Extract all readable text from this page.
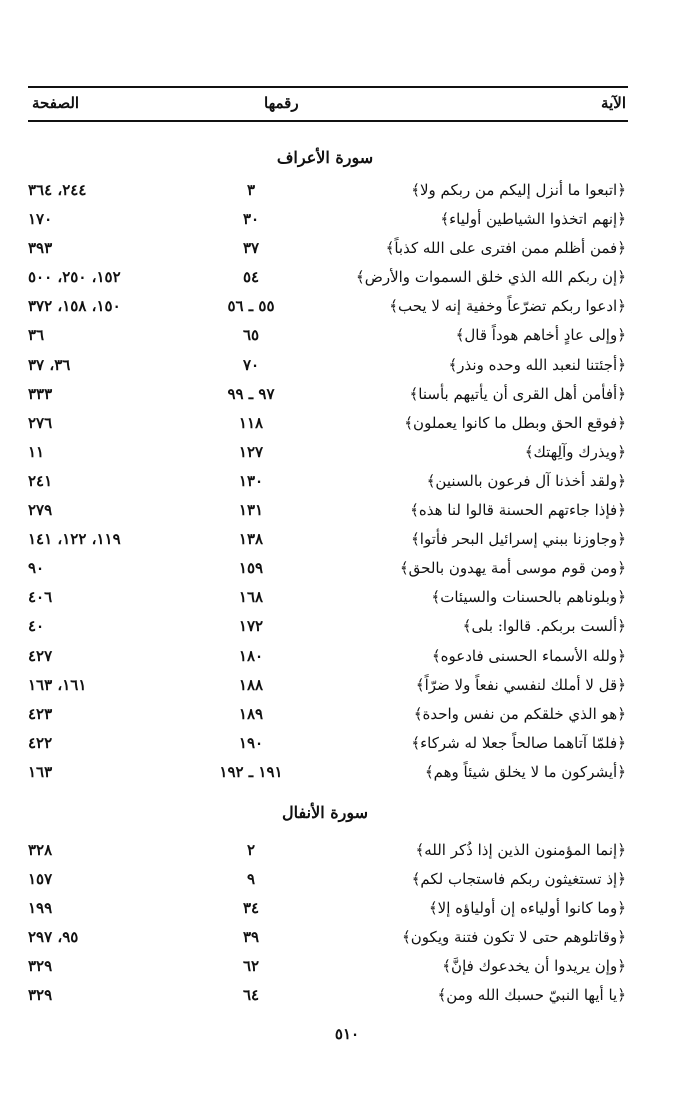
الآية
رقمها
الصفحة
سورة الأعراف
﴿اتبعوا ما أنزل إليكم من ربكم ولا﴾
٣
٢٤٤، ٣٦٤
﴿إنهم اتخذوا الشياطين أولياء﴾
٣٠
١٧٠
﴿فمن أظلم ممن افترى على الله كذباً﴾
٣٧
٣٩٣
﴿إن ربكم الله الذي خلق السموات والأرض﴾
٥٤
١٥٢، ٢٥٠، ٥٠٠
﴿ادعوا ربكم تضرّعاً وخفية إنه لا يحب﴾
٥٥ ـ ٥٦
١٥٠، ١٥٨، ٣٧٢
﴿وإلى عادٍ أخاهم هوداً قال﴾
٦٥
٣٦
﴿أجئتنا لنعبد الله وحده ونذر﴾
٧٠
٣٦، ٣٧
﴿أفأمن أهل القرى أن يأتيهم بأسنا﴾
٩٧ ـ ٩٩
٣٣٣
﴿فوقع الحق وبطل ما كانوا يعملون﴾
١١٨
٢٧٦
﴿ويذرك وآلِهتك﴾
١٢٧
١١
﴿ولقد أخذنا آل فرعون بالسنين﴾
١٣٠
٢٤١
﴿فإذا جاءتهم الحسنة قالوا لنا هذه﴾
١٣١
٢٧٩
﴿وجاوزنا ببني إسرائيل البحر فأتوا﴾
١٣٨
١١٩، ١٢٢، ١٤١
﴿ومن قوم موسى أمة يهدون بالحق﴾
١٥٩
٩٠
﴿وبلوناهم بالحسنات والسيئات﴾
١٦٨
٤٠٦
﴿ألست بربكم. قالوا: بلى﴾
١٧٢
٤٠
﴿ولله الأسماء الحسنى فادعوه﴾
١٨٠
٤٢٧
﴿قل لا أملك لنفسي نفعاً ولا ضرّاً﴾
١٨٨
١٦١، ١٦٣
﴿هو الذي خلقكم من نفس واحدة﴾
١٨٩
٤٢٣
﴿فلمّا آتاهما صالحاً جعلا له شركاء﴾
١٩٠
٤٢٢
﴿أيشركون ما لا يخلق شيئاً وهم﴾
١٩١ ـ ١٩٢
١٦٣
سورة الأنفال
﴿إنما المؤمنون الذين إذا ذُكر الله﴾
٢
٣٢٨
﴿إذ تستغيثون ربكم فاستجاب لكم﴾
٩
١٥٧
﴿وما كانوا أولياءه إن أولياؤه إلا﴾
٣٤
١٩٩
﴿وقاتلوهم حتى لا تكون فتنة ويكون﴾
٣٩
٩٥، ٢٩٧
﴿وإن يريدوا أن يخدعوك فإنَّ﴾
٦٢
٣٢٩
﴿يا أيها النبيّ حسبك الله ومن﴾
٦٤
٣٢٩
٥١٠
